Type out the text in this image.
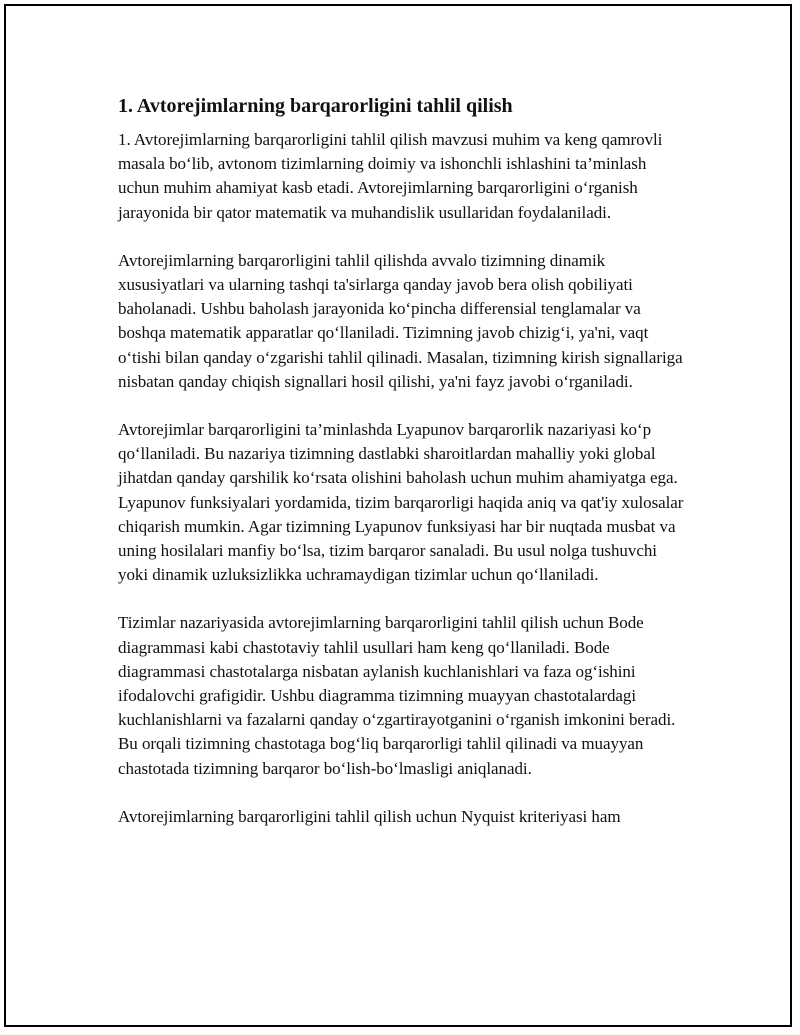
1. Avtorejimlarning barqarorligini tahlil qilish

1. Avtorejimlarning barqarorligini tahlil qilish mavzusi muhim va keng qamrovli masala bo‘lib, avtonom tizimlarning doimiy va ishonchli ishlashini ta’minlash uchun muhim ahamiyat kasb etadi. Avtorejimlarning barqarorligini o‘rganish jarayonida bir qator matematik va muhandislik usullaridan foydalaniladi.

Avtorejimlarning barqarorligini tahlil qilishda avvalo tizimning dinamik xususiyatlari va ularning tashqi ta'sirlarga qanday javob bera olish qobiliyati baholanadi. Ushbu baholash jarayonida ko‘pincha differensial tenglamalar va boshqa matematik apparatlar qo‘llaniladi. Tizimning javob chizig‘i, ya'ni, vaqt o‘tishi bilan qanday o‘zgarishi tahlil qilinadi. Masalan, tizimning kirish signallariga nisbatan qanday chiqish signallari hosil qilishi, ya'ni fayz javobi o‘rganiladi.

Avtorejimlar barqarorligini ta’minlashda Lyapunov barqarorlik nazariyasi ko‘p qo‘llaniladi. Bu nazariya tizimning dastlabki sharoitlardan mahalliy yoki global jihatdan qanday qarshilik ko‘rsata olishini baholash uchun muhim ahamiyatga ega. Lyapunov funksiyalari yordamida, tizim barqarorligi haqida aniq va qat'iy xulosalar chiqarish mumkin. Agar tizimning Lyapunov funksiyasi har bir nuqtada musbat va uning hosilalari manfiy bo‘lsa, tizim barqaror sanaladi. Bu usul nolga tushuvchi yoki dinamik uzluksizlikka uchramaydigan tizimlar uchun qo‘llaniladi.

Tizimlar nazariyasida avtorejimlarning barqarorligini tahlil qilish uchun Bode diagrammasi kabi chastotaviy tahlil usullari ham keng qo‘llaniladi. Bode diagrammasi chastotalarga nisbatan aylanish kuchlanishlari va faza og‘ishini ifodalovchi grafigidir. Ushbu diagramma tizimning muayyan chastotalardagi kuchlanishlarni va fazalarni qanday o‘zgartirayotganini o‘rganish imkonini beradi. Bu orqali tizimning chastotaga bog‘liq barqarorligi tahlil qilinadi va muayyan chastotada tizimning barqaror bo‘lish-bo‘lmasligi aniqlanadi.

Avtorejimlarning barqarorligini tahlil qilish uchun Nyquist kriteriyasi ham
